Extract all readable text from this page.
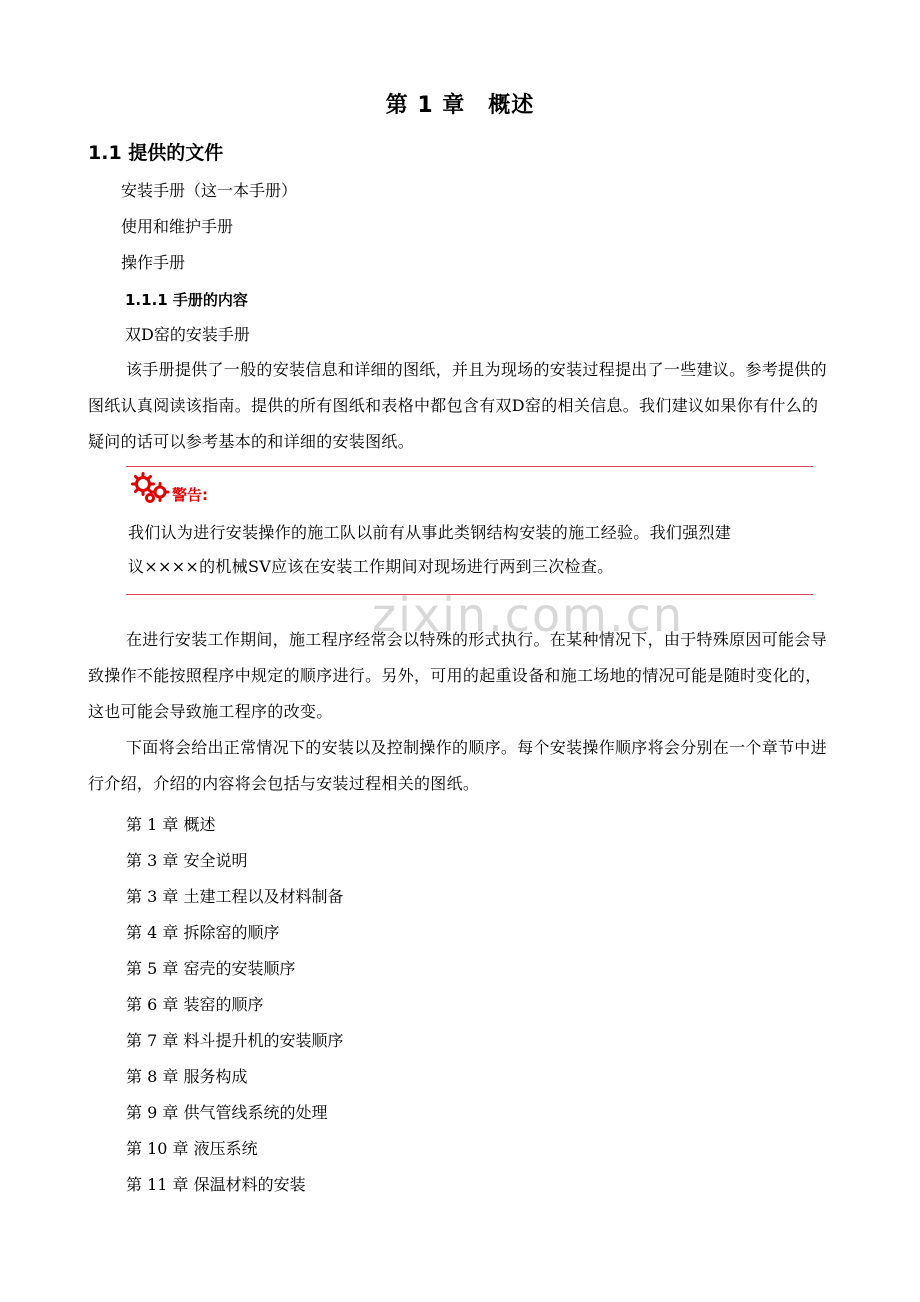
第 1 章　概述
1.1 提供的文件
安装手册（这一本手册）
使用和维护手册
操作手册
1.1.1 手册的内容
双D窑的安装手册
该手册提供了一般的安装信息和详细的图纸，并且为现场的安装过程提出了一些建议。参考提供的图纸认真阅读该指南。提供的所有图纸和表格中都包含有双D窑的相关信息。我们建议如果你有什么的疑问的话可以参考基本的和详细的安装图纸。
警告:
我们认为进行安装操作的施工队以前有从事此类钢结构安装的施工经验。我们强烈建
议××××的机械SV应该在安装工作期间对现场进行两到三次检查。
zixin.com.cn
在进行安装工作期间，施工程序经常会以特殊的形式执行。在某种情况下，由于特殊原因可能会导致操作不能按照程序中规定的顺序进行。另外，可用的起重设备和施工场地的情况可能是随时变化的，这也可能会导致施工程序的改变。
下面将会给出正常情况下的安装以及控制操作的顺序。每个安装操作顺序将会分别在一个章节中进行介绍，介绍的内容将会包括与安装过程相关的图纸。
第 1 章 概述
第 3 章 安全说明
第 3 章 土建工程以及材料制备
第 4 章 拆除窑的顺序
第 5 章 窑壳的安装顺序
第 6 章 装窑的顺序
第 7 章 料斗提升机的安装顺序
第 8 章 服务构成
第 9 章 供气管线系统的处理
第 10 章 液压系统
第 11 章 保温材料的安装
